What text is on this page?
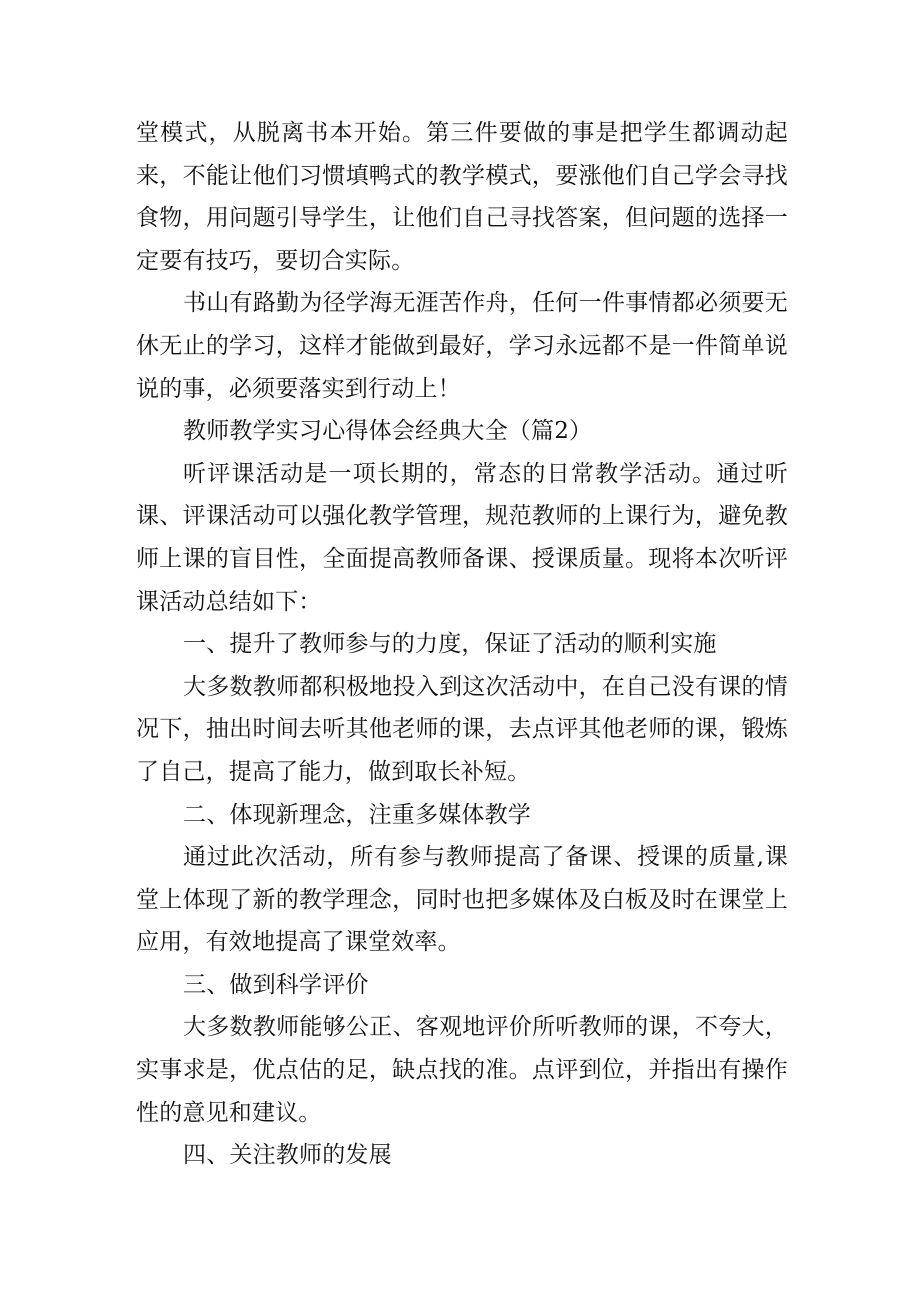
堂模式，从脱离书本开始。第三件要做的事是把学生都调动起来，不能让他们习惯填鸭式的教学模式，要涨他们自己学会寻找食物，用问题引导学生，让他们自己寻找答案，但问题的选择一定要有技巧，要切合实际。

书山有路勤为径学海无涯苦作舟，任何一件事情都必须要无休无止的学习，这样才能做到最好，学习永远都不是一件简单说说的事，必须要落实到行动上！

教师教学实习心得体会经典大全（篇2）

听评课活动是一项长期的，常态的日常教学活动。通过听课、评课活动可以强化教学管理，规范教师的上课行为，避免教师上课的盲目性，全面提高教师备课、授课质量。现将本次听评课活动总结如下：

一、提升了教师参与的力度，保证了活动的顺利实施

大多数教师都积极地投入到这次活动中，在自己没有课的情况下，抽出时间去听其他老师的课，去点评其他老师的课，锻炼了自己，提高了能力，做到取长补短。

二、体现新理念，注重多媒体教学

通过此次活动，所有参与教师提高了备课、授课的质量,课堂上体现了新的教学理念，同时也把多媒体及白板及时在课堂上应用，有效地提高了课堂效率。

三、做到科学评价

大多数教师能够公正、客观地评价所听教师的课，不夸大，实事求是，优点估的足，缺点找的准。点评到位，并指出有操作性的意见和建议。

四、关注教师的发展
